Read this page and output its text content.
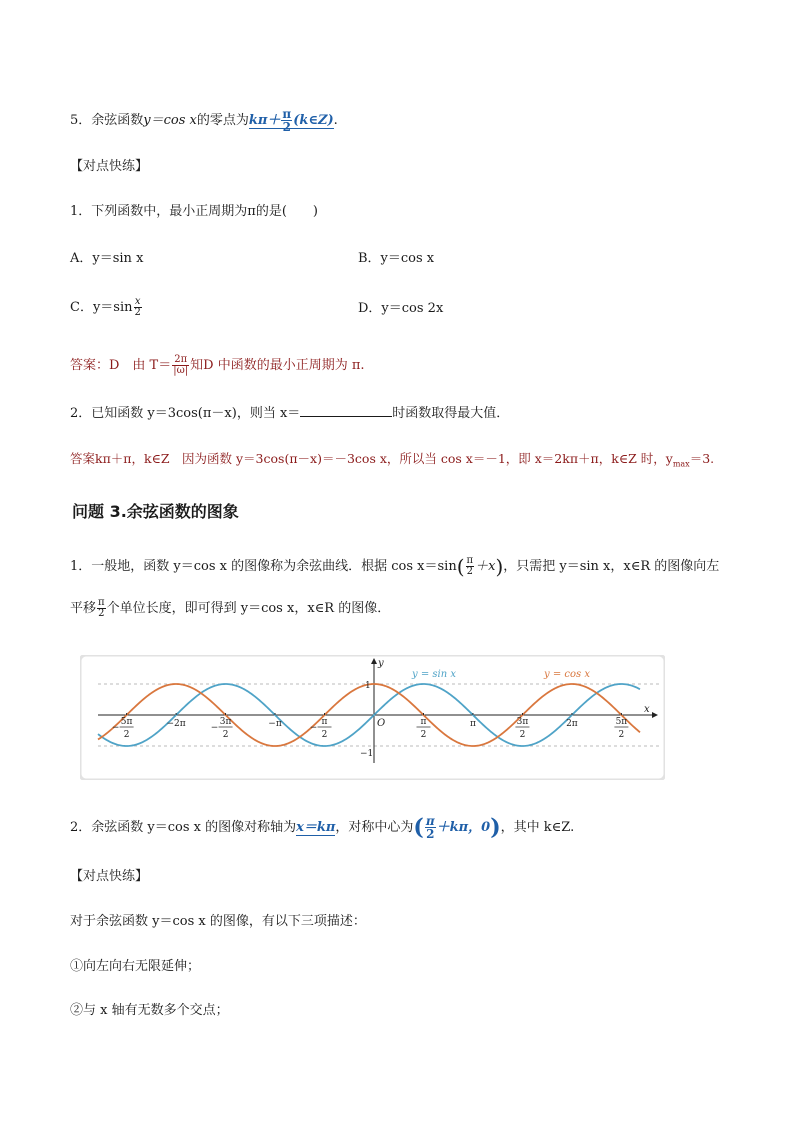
5．余弦函数y＝cos x的零点为$k\pi+ \frac{\pi}{2}$ (k∈Z).
【对点快练】
1．下列函数中，最小正周期为π的是(　　)
A．y＝sin x	B．y＝cos x
C．$y=\sin \frac{x}{2}$	D．y＝cos 2x
答案：D　由 $T= \frac{2\pi}{|\omega|}$ 知D 中函数的最小正周期为 π.
2．已知函数 y＝3cos(π－x)，则当 x＝	时函数取得最大值．
答案kπ＋π，k∈Z　因为函数 y＝3cos(π－x)＝－3cos x，所以当 cos x＝－1，即 x＝2kπ＋π，k∈Z 时，$y_{max}=3$.
问题 3.余弦函数的图象
1．一般地，函数 y＝cos x 的图像称为余弦曲线．根据 $\cos x=\sin( \frac{\pi}{2} +x)$，只需把 y＝sin x，x∈R 的图像向左
平移 $\frac{\pi}{2}$ 个单位长度，即可得到 y＝cos x，x∈R 的图像．
−2π	−π	π	2π
5π
2
−
3π
2
−
π
2
−
π
2
3π
2
5π
2
y
x
O
1
−1
y = sin x	y = cos x
2．余弦函数 y＝cos x 的图像对称轴为x＝kπ，对称中心为( $\frac{\pi}{2} +k\pi$，0)，其中 k∈Z.
【对点快练】
对于余弦函数 y＝cos x 的图像，有以下三项描述：
①向左向右无限延伸；
②与 x 轴有无数多个交点；
